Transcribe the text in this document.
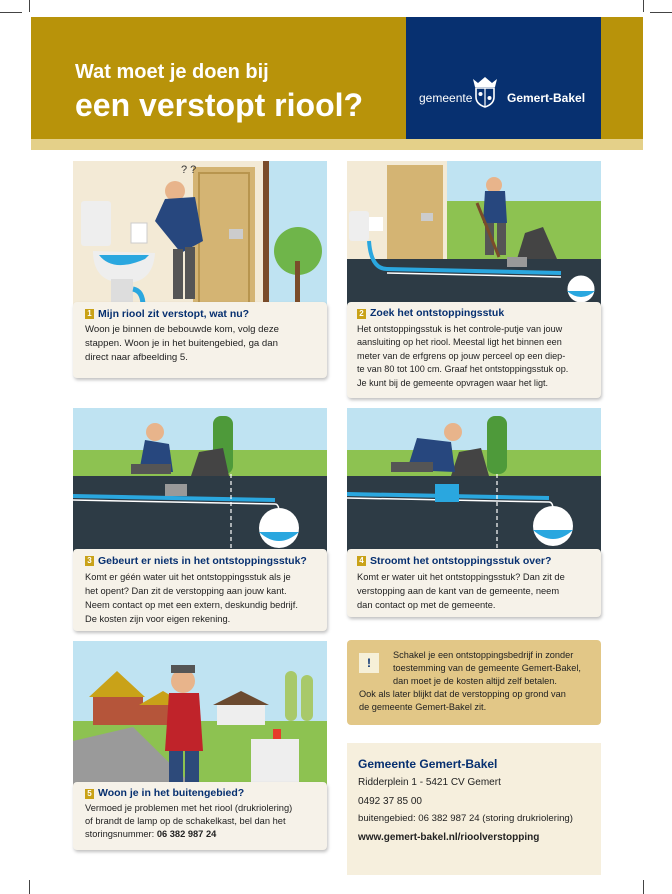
Wat moet je doen bij
een verstopt riool?	gemeente	Gemert-Bakel
? ?
1 Mijn riool zit verstopt, wat nu?
Woon je binnen de bebouwde kom, volg deze
stappen. Woon je in het buitengebied, ga dan
direct naar afbeelding 5.
2 Zoek het ontstoppingsstuk
Het ontstoppingsstuk is het controle-putje van jouw
aansluiting op het riool. Meestal ligt het binnen een
meter van de erfgrens op jouw perceel op een diep-
te van 80 tot 100 cm. Graaf het ontstoppingsstuk op.
Je kunt bij de gemeente opvragen waar het ligt.
3 Gebeurt er niets in het ontstoppingsstuk?
Komt er géén water uit het ontstoppingsstuk als je
het opent? Dan zit de verstopping aan jouw kant.
Neem contact op met een extern, deskundig bedrijf.
De kosten zijn voor eigen rekening.
4 Stroomt het ontstoppingsstuk over?
Komt er water uit het ontstoppingsstuk? Dan zit de
verstopping aan de kant van de gemeente, neem
dan contact op met de gemeente.
5 Woon je in het buitengebied?
Vermoed je problemen met het riool (drukriolering)
of brandt de lamp op de schakelkast, bel dan het
storingsnummer: 06 382 987 24
!
Schakel je een ontstoppingsbedrijf in zonder
toestemming van de gemeente Gemert-Bakel,
dan moet je de kosten altijd zelf betalen.
Ook als later blijkt dat de verstopping op grond van
de gemeente Gemert-Bakel zit.
Gemeente Gemert-Bakel
Ridderplein 1 - 5421 CV Gemert
0492 37 85 00
buitengebied: 06 382 987 24 (storing drukriolering)
www.gemert-bakel.nl/rioolverstopping
